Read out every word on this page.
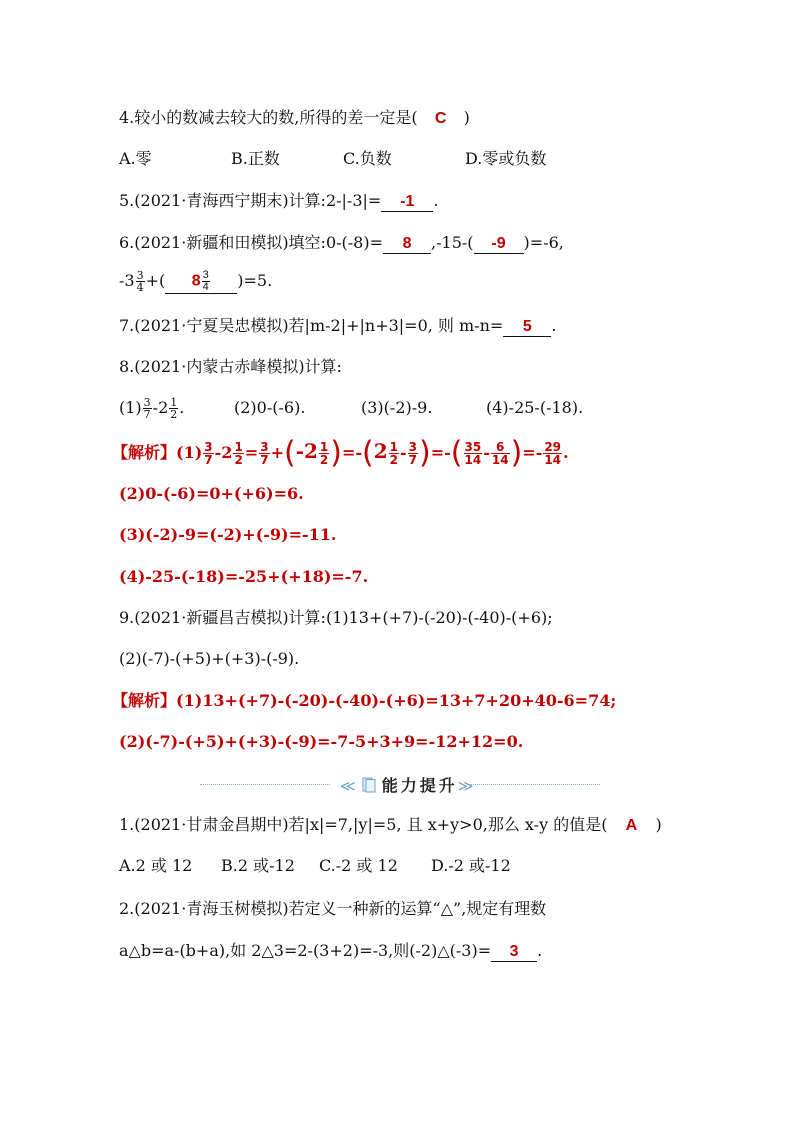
4.较小的数减去较大的数,所得的差一定是( C )
A.零	B.正数	C.负数	D.零或负数
5.(2021·青海西宁期末)计算:2-|-3|= -1 .
6.(2021·新疆和田模拟)填空:0-(-8)= 8 ,-15-( -9 )=-6,
$-3 \frac{3}{4}$ +( $8 \frac{3}{4} )=5$.
7.(2021·宁夏吴忠模拟)若|m-2|+|n+3|=0, 则 m-n= 5 .
8.(2021·内蒙古赤峰模拟)计算:
$(1) \frac{3}{7} -2 \frac{1}{2}$ .	(2)0-(-6).	(3)(-2)-9.	(4)-25-(-18).
【解析】$(1) \frac{3}{7} -2 \frac{1}{2} = \frac{3}{7} +(-2 \frac{1}{2} )=-(2 \frac{1}{2} - \frac{3}{7}$ )=-( $\frac{35}{14} - \frac{6}{14}$ )=- $\frac{29}{14}$ .
(2)0-(-6)=0+(+6)=6.
(3)(-2)-9=(-2)+(-9)=-11.
(4)-25-(-18)=-25+(+18)=-7.
9.(2021·新疆昌吉模拟)计算:(1)13+(+7)-(-20)-(-40)-(+6);
(2)(-7)-(+5)+(+3)-(-9).
【解析】(1)13+(+7)-(-20)-(-40)-(+6)=13+7+20+40-6=74;
(2)(-7)-(+5)+(+3)-(-9)=-7-5+3+9=-12+12=0.
≪ 能力提升≫
1.(2021·甘肃金昌期中)若|x|=7,|y|=5, 且 x+y>0,那么 x-y 的值是( A )
A.2 或 12 B.2 或-12 C.-2 或 12 D.-2 或-12
2.(2021·青海玉树模拟)若定义一种新的运算“△”,规定有理数
a△b=a-(b+a),如 2△3=2-(3+2)=-3,则(-2)△(-3)= 3 .
